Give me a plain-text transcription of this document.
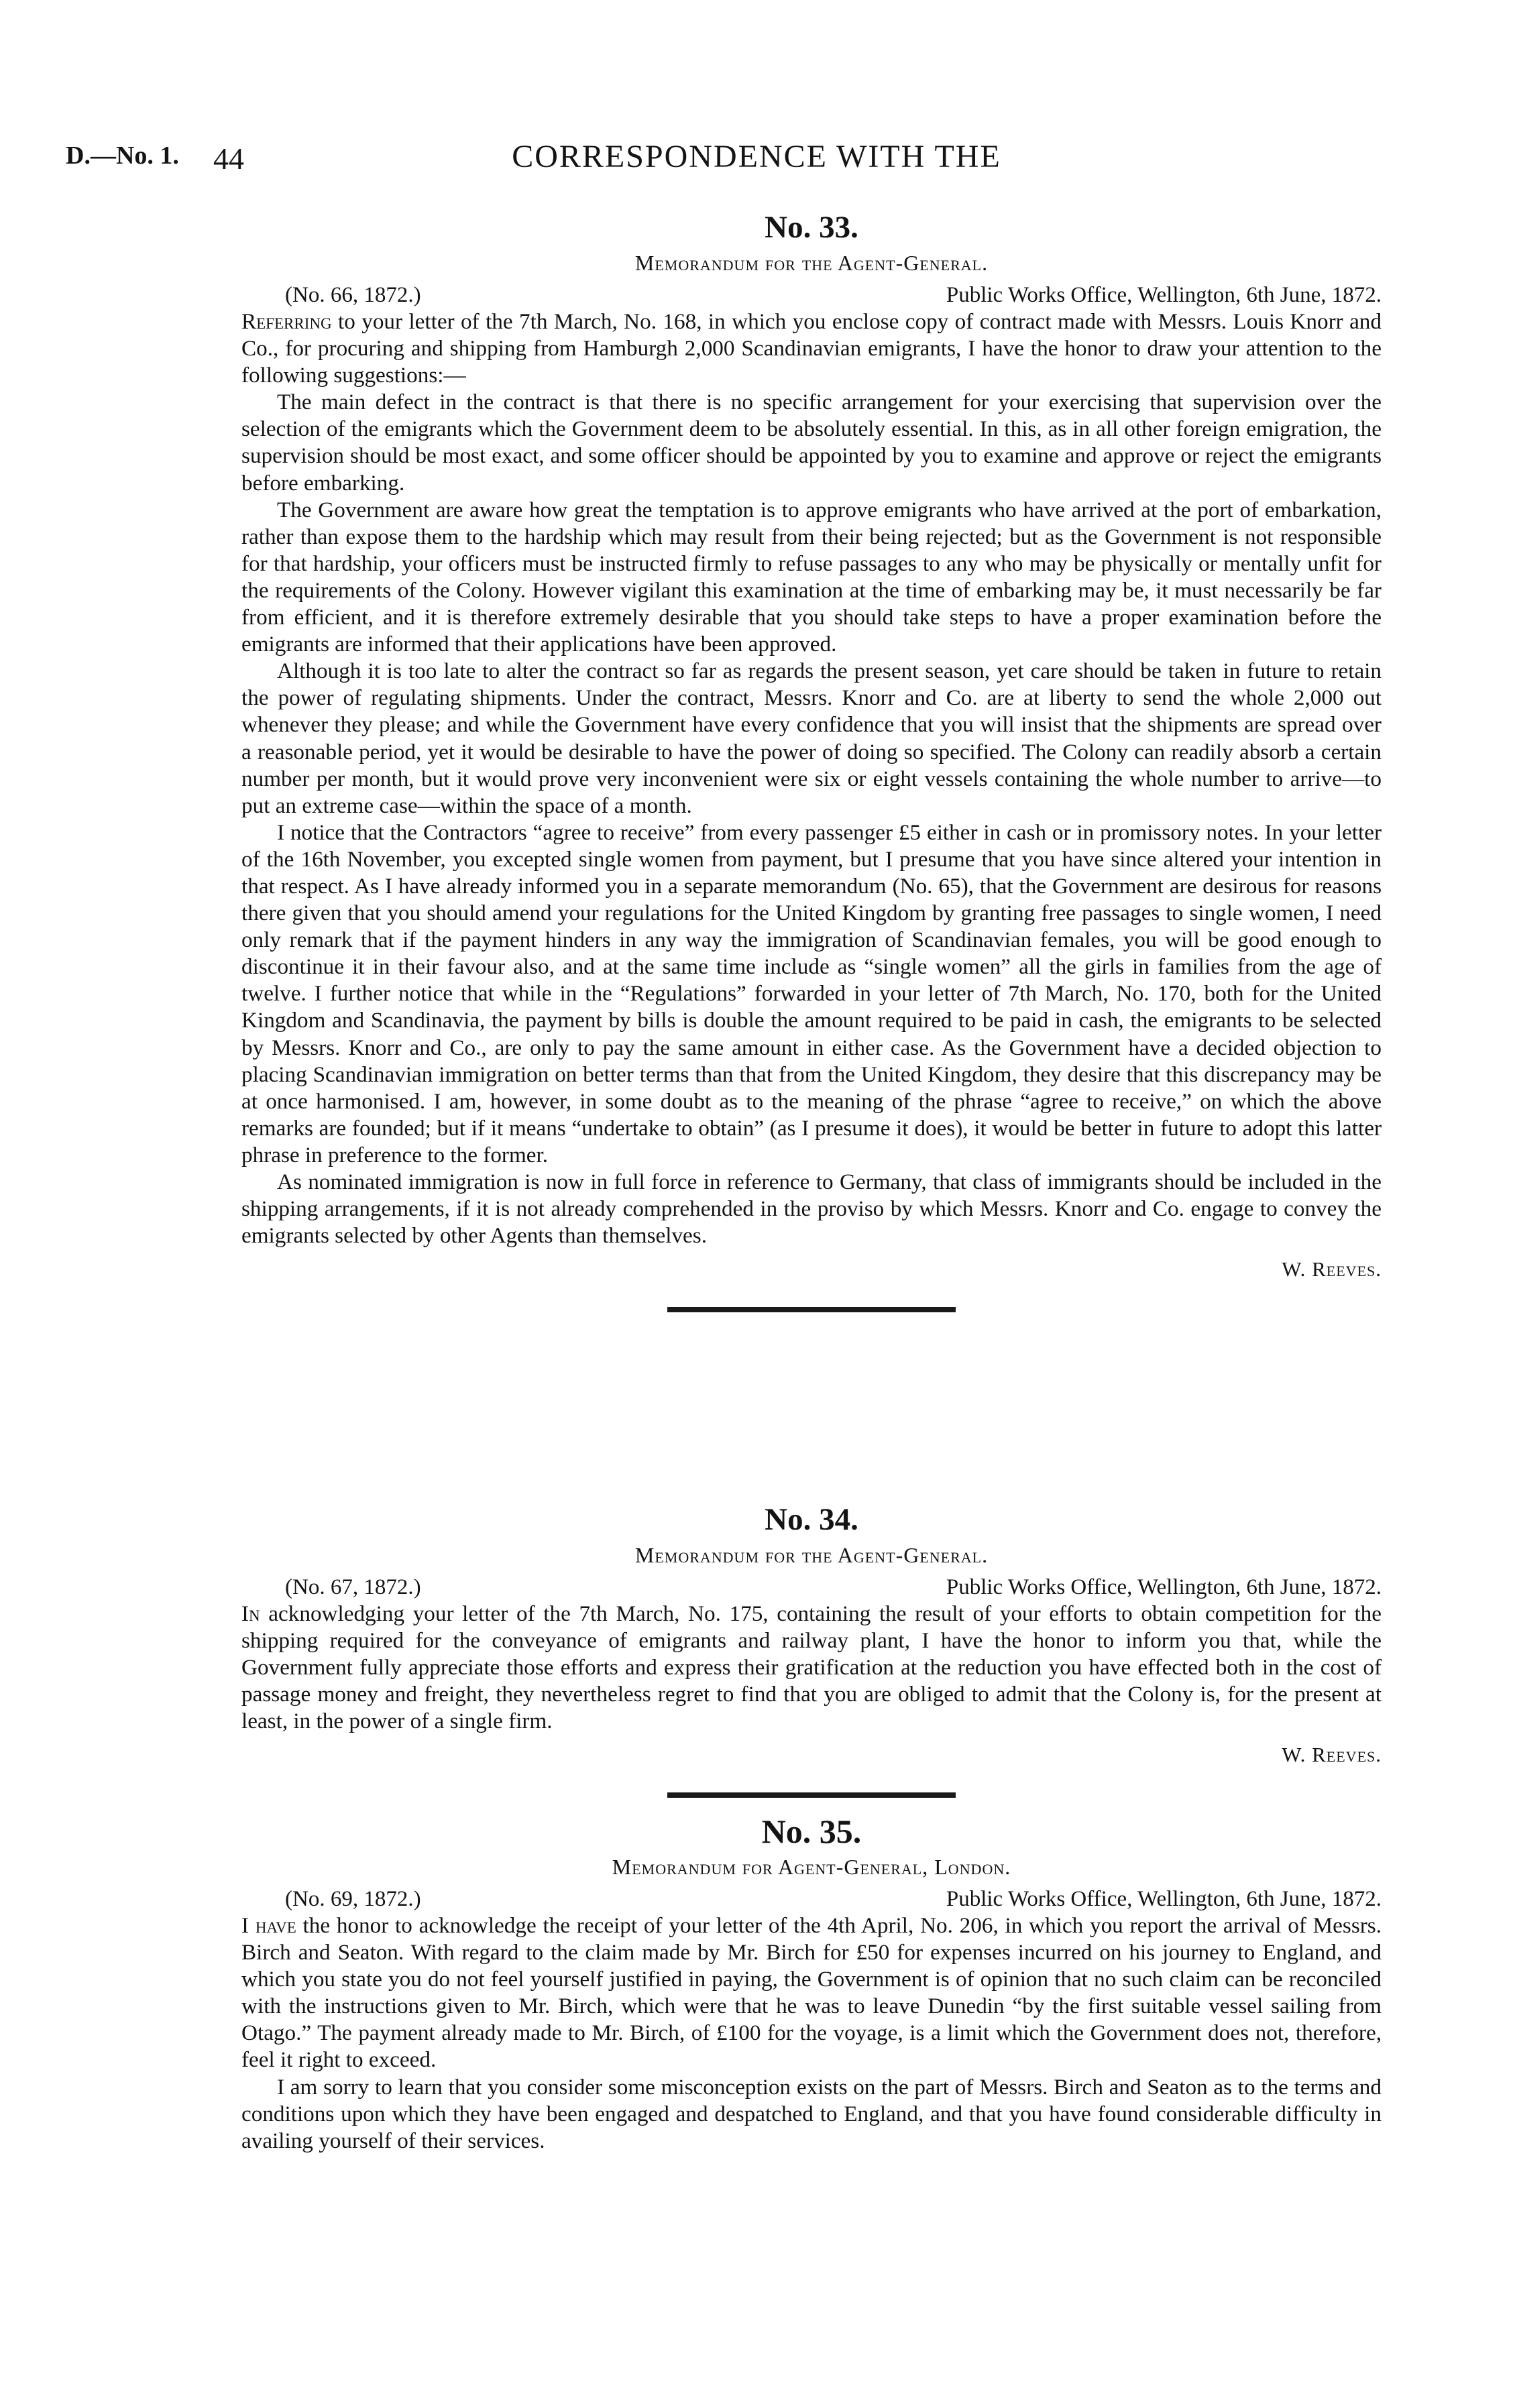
D.—No. 1. 44	CORRESPONDENCE WITH THE
No. 33.
Memorandum for the Agent-General.
(No. 66, 1872.)	Public Works Office, Wellington, 6th June, 1872.

Referring to your letter of the 7th March, No. 168, in which you enclose copy of contract made with Messrs. Louis Knorr and Co., for procuring and shipping from Hamburgh 2,000 Scandinavian emigrants, I have the honor to draw your attention to the following suggestions:—

The main defect in the contract is that there is no specific arrangement for your exercising that supervision over the selection of the emigrants which the Government deem to be absolutely essential. In this, as in all other foreign emigration, the supervision should be most exact, and some officer should be appointed by you to examine and approve or reject the emigrants before embarking.

The Government are aware how great the temptation is to approve emigrants who have arrived at the port of embarkation, rather than expose them to the hardship which may result from their being rejected; but as the Government is not responsible for that hardship, your officers must be instructed firmly to refuse passages to any who may be physically or mentally unfit for the requirements of the Colony. However vigilant this examination at the time of embarking may be, it must necessarily be far from efficient, and it is therefore extremely desirable that you should take steps to have a proper examination before the emigrants are informed that their applications have been approved.

Although it is too late to alter the contract so far as regards the present season, yet care should be taken in future to retain the power of regulating shipments. Under the contract, Messrs. Knorr and Co. are at liberty to send the whole 2,000 out whenever they please; and while the Government have every confidence that you will insist that the shipments are spread over a reasonable period, yet it would be desirable to have the power of doing so specified. The Colony can readily absorb a certain number per month, but it would prove very inconvenient were six or eight vessels containing the whole number to arrive—to put an extreme case—within the space of a month.

I notice that the Contractors “agree to receive” from every passenger £5 either in cash or in promissory notes. In your letter of the 16th November, you excepted single women from payment, but I presume that you have since altered your intention in that respect. As I have already informed you in a separate memorandum (No. 65), that the Government are desirous for reasons there given that you should amend your regulations for the United Kingdom by granting free passages to single women, I need only remark that if the payment hinders in any way the immigration of Scandinavian females, you will be good enough to discontinue it in their favour also, and at the same time include as “single women” all the girls in families from the age of twelve. I further notice that while in the “Regulations” forwarded in your letter of 7th March, No. 170, both for the United Kingdom and Scandinavia, the payment by bills is double the amount required to be paid in cash, the emigrants to be selected by Messrs. Knorr and Co., are only to pay the same amount in either case. As the Government have a decided objection to placing Scandinavian immigration on better terms than that from the United Kingdom, they desire that this discrepancy may be at once harmonised. I am, however, in some doubt as to the meaning of the phrase “agree to receive,” on which the above remarks are founded; but if it means “undertake to obtain” (as I presume it does), it would be better in future to adopt this latter phrase in preference to the former.

As nominated immigration is now in full force in reference to Germany, that class of immigrants should be included in the shipping arrangements, if it is not already comprehended in the proviso by which Messrs. Knorr and Co. engage to convey the emigrants selected by other Agents than themselves.

W. Reeves.
No. 34.
Memorandum for the Agent-General.
(No. 67, 1872.)	Public Works Office, Wellington, 6th June, 1872.

In acknowledging your letter of the 7th March, No. 175, containing the result of your efforts to obtain competition for the shipping required for the conveyance of emigrants and railway plant, I have the honor to inform you that, while the Government fully appreciate those efforts and express their gratification at the reduction you have effected both in the cost of passage money and freight, they nevertheless regret to find that you are obliged to admit that the Colony is, for the present at least, in the power of a single firm.

W. Reeves.
No. 35.
Memorandum for Agent-General, London.
(No. 69, 1872.)	Public Works Office, Wellington, 6th June, 1872.

I have the honor to acknowledge the receipt of your letter of the 4th April, No. 206, in which you report the arrival of Messrs. Birch and Seaton. With regard to the claim made by Mr. Birch for £50 for expenses incurred on his journey to England, and which you state you do not feel yourself justified in paying, the Government is of opinion that no such claim can be reconciled with the instructions given to Mr. Birch, which were that he was to leave Dunedin “by the first suitable vessel sailing from Otago.” The payment already made to Mr. Birch, of £100 for the voyage, is a limit which the Government does not, therefore, feel it right to exceed.

I am sorry to learn that you consider some misconception exists on the part of Messrs. Birch and Seaton as to the terms and conditions upon which they have been engaged and despatched to England, and that you have found considerable difficulty in availing yourself of their services.
